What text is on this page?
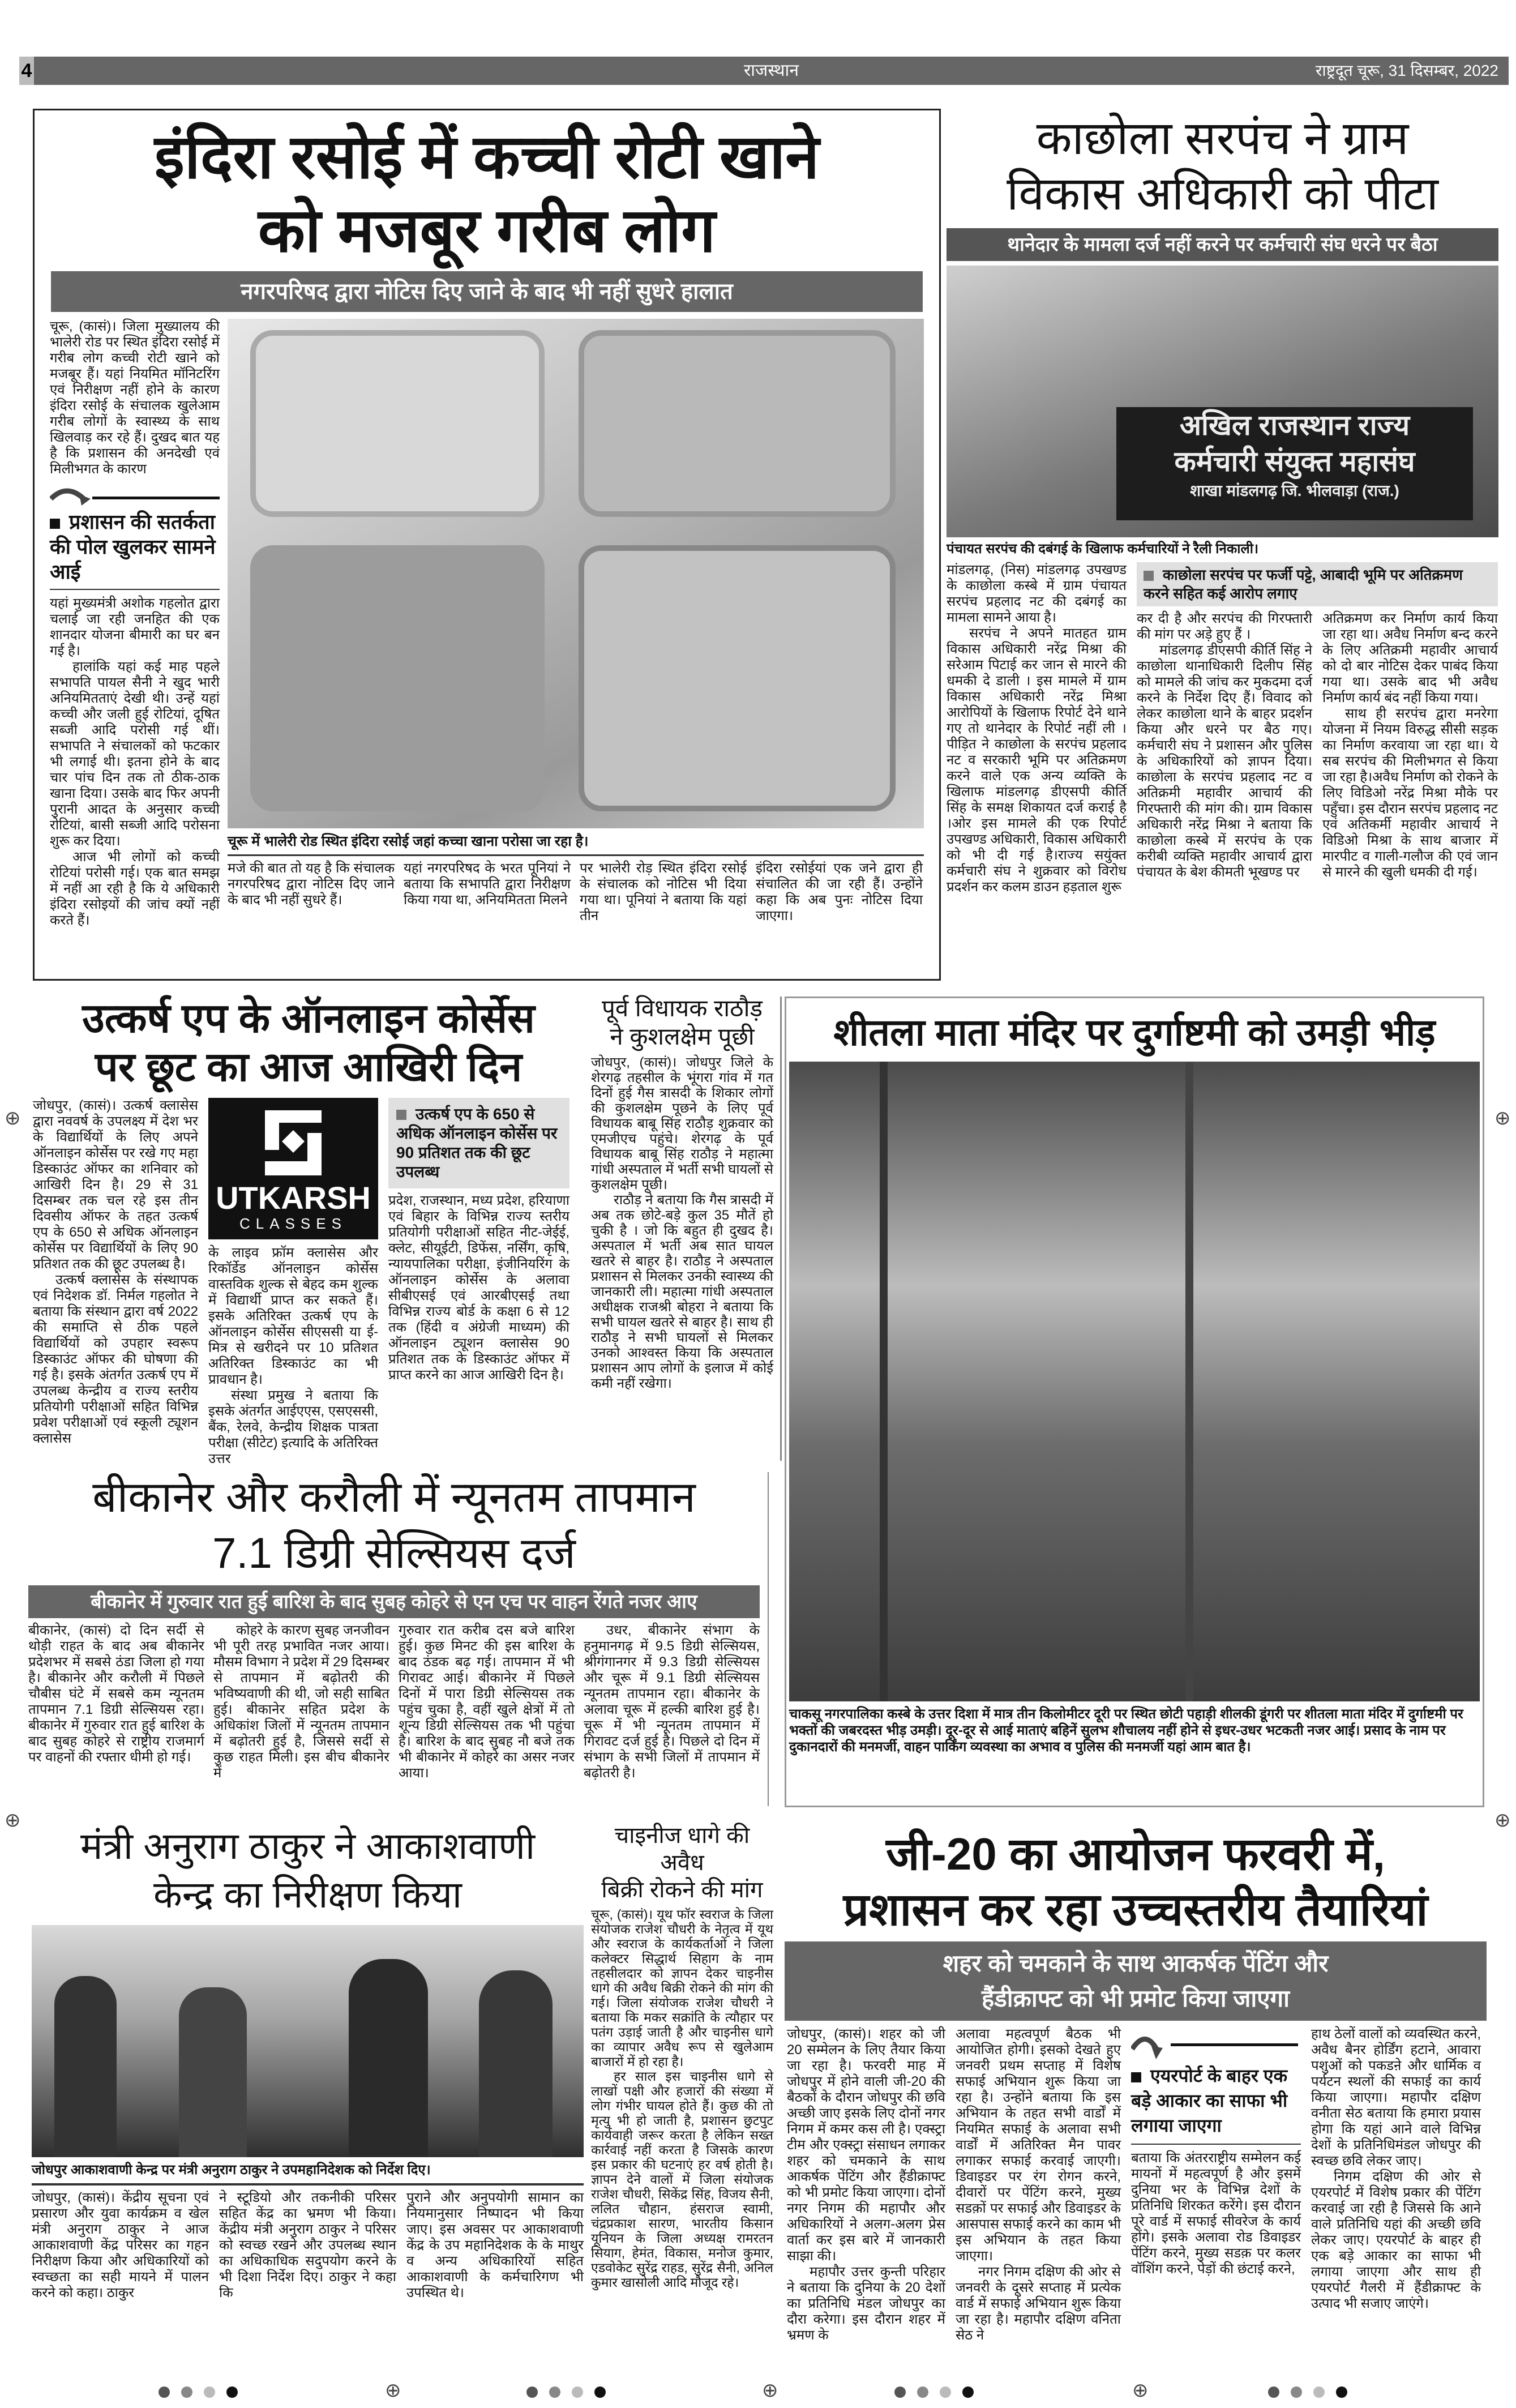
4	राजस्थान	राष्ट्रदूत चूरू, 31 दिसम्बर, 2022
इंदिरा रसोई में कच्ची रोटी खाने
को मजबूर गरीब लोग
नगरपरिषद द्वारा नोटिस दिए जाने के बाद भी नहीं सुधरे हालात

चूरू, (कासं)। जिला मुख्यालय की भालेरी रोड पर स्थित इंदिरा रसोई में गरीब लोग कच्ची रोटी खाने को मजबूर हैं। यहां नियमित मॉनिटरिंग एवं निरीक्षण नहीं होने के कारण इंदिरा रसोई के संचालक खुलेआम गरीब लोगों के स्वास्थ्य के साथ खिलवाड़ कर रहे हैं। दुखद बात यह है कि प्रशासन की अनदेखी एवं मिलीभगत के कारण

प्रशासन की सतर्कता की पोल खुलकर सामने आई

यहां मुख्यमंत्री अशोक गहलोत द्वारा चलाई जा रही जनहित की एक शानदार योजना बीमारी का घर बन गई है।

हालांकि यहां कई माह पहले सभापति पायल सैनी ने खुद भारी अनियमितताएं देखी थी। उन्हें यहां कच्ची और जली हुई रोटियां, दूषित सब्जी आदि परोसी गई थीं। सभापति ने संचालकों को फटकार भी लगाई थी। इतना होने के बाद चार पांच दिन तक तो ठीक-ठाक खाना दिया। उसके बाद फिर अपनी पुरानी आदत के अनुसार कच्ची रोटियां, बासी सब्जी आदि परोसना शुरू कर दिया।

आज भी लोगों को कच्ची रोटियां परोसी गई। एक बात समझ में नहीं आ रही है कि ये अधिकारी इंदिरा रसोइयों की जांच क्यों नहीं करते हैं।

चूरू में भालेरी रोड स्थित इंदिरा रसोई जहां कच्चा खाना परोसा जा रहा है।

मजे की बात तो यह है कि संचालक नगरपरिषद द्वारा नोटिस दिए जाने के बाद भी नहीं सुधरे हैं।

यहां नगरपरिषद के भरत पूनियां ने बताया कि सभापति द्वारा निरीक्षण किया गया था, अनियमितता मिलने

पर भालेरी रोड़ स्थित इंदिरा रसोई के संचालक को नोटिस भी दिया गया था। पूनियां ने बताया कि यहां तीन

इंदिरा रसोईयां एक जने द्वारा ही संचालित की जा रही हैं। उन्होंने कहा कि अब पुनः नोटिस दिया जाएगा।

काछोला सरपंच ने ग्राम
विकास अधिकारी को पीटा
थानेदार के मामला दर्ज नहीं करने पर कर्मचारी संघ धरने पर बैठा
अखिल राजस्थान राज्य
कर्मचारी संयुक्त महासंघ
शाखा मांडलगढ़ जि. भीलवाड़ा (राज.)
पंचायत सरपंच की दबंगई के खिलाफ कर्मचारियों ने रैली निकाली।

मांडलगढ़, (निस) मांडलगढ़ उपखण्ड के काछोला कस्बे में ग्राम पंचायत सरपंच प्रहलाद नट की दबंगई का मामला सामने आया है।

सरपंच ने अपने मातहत ग्राम विकास अधिकारी नरेंद्र मिश्रा की सरेआम पिटाई कर जान से मारने की धमकी दे डाली । इस मामले में ग्राम विकास अधिकारी नरेंद्र मिश्रा आरोपियों के खिलाफ रिपोर्ट देने थाने गए तो थानेदार के रिपोर्ट नहीं ली । पीड़ित ने काछोला के सरपंच प्रहलाद नट व सरकारी भूमि पर अतिक्रमण करने वाले एक अन्य व्यक्ति के खिलाफ मांडलगढ़ डीएसपी कीर्ति सिंह के समक्ष शिकायत दर्ज कराई है ।ओर इस मामले की एक रिपोर्ट उपखण्ड अधिकारी, विकास अधिकारी को भी दी गई है।राज्य सयुंक्त कर्मचारी संघ ने शुक्रवार को विरोध प्रदर्शन कर कलम डाउन हड़ताल शुरू

काछोला सरपंच पर फर्जी पट्टे, आबादी भूमि पर अतिक्रमण करने सहित कई आरोप लगाए

कर दी है और सरपंच की गिरफ्तारी की मांग पर अड़े हुए हैं ।

मांडलगढ़ डीएसपी कीर्ति सिंह ने काछोला थानाधिकारी दिलीप सिंह को मामले की जांच कर मुकदमा दर्ज करने के निर्देश दिए हैं। विवाद को लेकर काछोला थाने के बाहर प्रदर्शन किया और धरने पर बैठ गए। कर्मचारी संघ ने प्रशासन और पुलिस के अधिकारियों को ज्ञापन दिया। काछोला के सरपंच प्रहलाद नट व अतिक्रमी महावीर आचार्य की गिरफ्तारी की मांग की। ग्राम विकास अधिकारी नरेंद्र मिश्रा ने बताया कि काछोला कस्बे में सरपंच के एक करीबी व्यक्ति महावीर आचार्य द्वारा पंचायत के बेश कीमती भूखण्ड पर

अतिक्रमण कर निर्माण कार्य किया जा रहा था। अवैध निर्माण बन्द करने के लिए अतिक्रमी महावीर आचार्य को दो बार नोटिस देकर पाबंद किया गया था। उसके बाद भी अवैध निर्माण कार्य बंद नहीं किया गया।

साथ ही सरपंच द्वारा मनरेगा योजना में नियम विरुद्ध सीसी सड़क का निर्माण करवाया जा रहा था। ये सब सरपंच की मिलीभगत से किया जा रहा है।अवैध निर्माण को रोकने के लिए विडिओ नरेंद्र मिश्रा मौके पर पहुँचा। इस दौरान सरपंच प्रहलाद नट एवं अतिकर्मी महावीर आचार्य ने विडिओ मिश्रा के साथ बाजार में मारपीट व गाली-गलौज की एवं जान से मारने की खुली धमकी दी गई।

उत्कर्ष एप के ऑनलाइन कोर्सेस
पर छूट का आज आखिरी दिन

जोधपुर, (कासं)। उत्कर्ष क्लासेस द्वारा नववर्ष के उपलक्ष्य में देश भर के विद्यार्थियों के लिए अपने ऑनलाइन कोर्सेस पर रखे गए महा डिस्काउंट ऑफर का शनिवार को आखिरी दिन है। 29 से 31 दिसम्बर तक चल रहे इस तीन दिवसीय ऑफर के तहत उत्कर्ष एप के 650 से अधिक ऑनलाइन कोर्सेस पर विद्यार्थियों के लिए 90 प्रतिशत तक की छूट उपलब्ध है।

उत्कर्ष क्लासेस के संस्थापक एवं निदेशक डॉ. निर्मल गहलोत ने बताया कि संस्थान द्वारा वर्ष 2022 की समाप्ति से ठीक पहले विद्यार्थियों को उपहार स्वरूप डिस्काउंट ऑफर की घोषणा की गई है। इसके अंतर्गत उत्कर्ष एप में उपलब्ध केन्द्रीय व राज्य स्तरीय प्रतियोगी परीक्षाओं सहित विभिन्न प्रवेश परीक्षाओं एवं स्कूली ट्यूशन क्लासेस

UTKARSH
CLASSES

के लाइव फ्रॉम क्लासेस और रिकॉर्डेड ऑनलाइन कोर्सेस वास्तविक शुल्क से बेहद कम शुल्क में विद्यार्थी प्राप्त कर सकते हैं। इसके अतिरिक्त उत्कर्ष एप के ऑनलाइन कोर्सेस सीएससी या ई-मित्र से खरीदने पर 10 प्रतिशत अतिरिक्त डिस्काउंट का भी प्रावधान है।

संस्था प्रमुख ने बताया कि इसके अंतर्गत आईएएस, एसएससी, बैंक, रेलवे, केन्द्रीय शिक्षक पात्रता परीक्षा (सीटेट) इत्यादि के अतिरिक्त उत्तर

उत्कर्ष एप के 650 से अधिक ऑनलाइन कोर्सेस पर 90 प्रतिशत तक की छूट उपलब्ध

प्रदेश, राजस्थान, मध्य प्रदेश, हरियाणा एवं बिहार के विभिन्न राज्य स्तरीय प्रतियोगी परीक्षाओं सहित नीट-जेईई, क्लेट, सीयूईटी, डिफेंस, नर्सिंग, कृषि, न्यायपालिका परीक्षा, इंजीनियरिंग के ऑनलाइन कोर्सेस के अलावा सीबीएसई एवं आरबीएसई तथा विभिन्न राज्य बोर्ड के कक्षा 6 से 12 तक (हिंदी व अंग्रेजी माध्यम) की ऑनलाइन ट्यूशन क्लासेस 90 प्रतिशत तक के डिस्काउंट ऑफर में प्राप्त करने का आज आखिरी दिन है।

पूर्व विधायक राठौड़
ने कुशलक्षेम पूछी

जोधपुर, (कासं)। जोधपुर जिले के शेरगढ़ तहसील के भूंगरा गांव में गत दिनों हुई गैस त्रासदी के शिकार लोगों की कुशलक्षेम पूछने के लिए पूर्व विधायक बाबू सिंह राठौड़ शुक्रवार को एमजीएच पहुंचे। शेरगढ़ के पूर्व विधायक बाबू सिंह राठौड़ ने महात्मा गांधी अस्पताल में भर्ती सभी घायलों से कुशलक्षेम पूछी।

राठौड़ ने बताया कि गैस त्रासदी में अब तक छोटे-बड़े कुल 35 मौतें हो चुकी है । जो कि बहुत ही दुखद है। अस्पताल में भर्ती अब सात घायल खतरे से बाहर है। राठौड़ ने अस्पताल प्रशासन से मिलकर उनकी स्वास्थ्य की जानकारी ली। महात्मा गांधी अस्पताल अधीक्षक राजश्री बोहरा ने बताया कि सभी घायल खतरे से बाहर है। साथ ही राठौड़ ने सभी घायलों से मिलकर उनको आश्वस्त किया कि अस्पताल प्रशासन आप लोगों के इलाज में कोई कमी नहीं रखेगा।

शीतला माता मंदिर पर दुर्गाष्टमी को उमड़ी भीड़
चाकसू नगरपालिका कस्बे के उत्तर दिशा में मात्र तीन किलोमीटर दूरी पर स्थित छोटी पहाड़ी शीलकी डूंगरी पर शीतला माता मंदिर में दुर्गाष्टमी पर भक्तों की जबरदस्त भीड़ उमड़ी। दूर-दूर से आई माताएं बहिनें सुलभ शौचालय नहीं होने से इधर-उधर भटकती नजर आई। प्रसाद के नाम पर दुकानदारों की मनमर्जी, वाहन पार्किंग व्यवस्था का अभाव व पुलिस की मनमर्जी यहां आम बात है।
बीकानेर और करौली में न्यूनतम तापमान
7.1 डिग्री सेल्सियस दर्ज
बीकानेर में गुरुवार रात हुई बारिश के बाद सुबह कोहरे से एन एच पर वाहन रेंगते नजर आए

बीकानेर, (कासं) दो दिन सर्दी से थोड़ी राहत के बाद अब बीकानेर प्रदेशभर में सबसे ठंडा जिला हो गया है। बीकानेर और करौली में पिछले चौबीस घंटे में सबसे कम न्यूनतम तापमान 7.1 डिग्री सेल्सियस रहा। बीकानेर में गुरुवार रात हुई बारिश के बाद सुबह कोहरे से राष्ट्रीय राजमार्ग पर वाहनों की रफ्तार धीमी हो गई।

कोहरे के कारण सुबह जनजीवन भी पूरी तरह प्रभावित नजर आया। मौसम विभाग ने प्रदेश में 29 दिसम्बर से तापमान में बढ़ोतरी की भविष्यवाणी की थी, जो सही साबित हुई। बीकानेर सहित प्रदेश के अधिकांश जिलों में न्यूनतम तापमान में बढ़ोतरी हुई है, जिससे सर्दी से कुछ राहत मिली। इस बीच बीकानेर में

गुरुवार रात करीब दस बजे बारिश हुई। कुछ मिनट की इस बारिश के बाद ठंडक बढ़ गई। तापमान में भी गिरावट आई। बीकानेर में पिछले दिनों में पारा डिग्री सेल्सियस तक पहुंच चुका है, वहीं खुले क्षेत्रों में तो शून्य डिग्री सेल्सियस तक भी पहुंचा है। बारिश के बाद सुबह नौ बजे तक भी बीकानेर में कोहरे का असर नजर आया।

उधर, बीकानेर संभाग के हनुमानगढ़ में 9.5 डिग्री सेल्सियस, श्रीगंगानगर में 9.3 डिग्री सेल्सियस और चूरू में 9.1 डिग्री सेल्सियस न्यूनतम तापमान रहा। बीकानेर के अलावा चूरू में हल्की बारिश हुई है। चूरू में भी न्यूनतम तापमान में गिरावट दर्ज हुई है। पिछले दो दिन में संभाग के सभी जिलों में तापमान में बढ़ोतरी है।

मंत्री अनुराग ठाकुर ने आकाशवाणी
केन्द्र का निरीक्षण किया
जोधपुर आकाशवाणी केन्द्र पर मंत्री अनुराग ठाकुर ने उपमहानिदेशक को निर्देश दिए।

जोधपुर, (कासं)। केंद्रीय सूचना एवं प्रसारण और युवा कार्यक्रम व खेल मंत्री अनुराग ठाकुर ने आज आकाशवाणी केंद्र परिसर का गहन निरीक्षण किया और अधिकारियों को स्वच्छता का सही मायने में पालन करने को कहा। ठाकुर

ने स्टूडियो और तकनीकी परिसर सहित केंद्र का भ्रमण भी किया। केंद्रीय मंत्री अनुराग ठाकुर ने परिसर को स्वच्छ रखने और उपलब्ध स्थान का अधिकाधिक सदुपयोग करने के भी दिशा निर्देश दिए। ठाकुर ने कहा कि

पुराने और अनुपयोगी सामान का नियमानुसार निष्पादन भी किया जाए। इस अवसर पर आकाशवाणी केंद्र के उप महानिदेशक के के माथुर व अन्य अधिकारियों सहित आकाशवाणी के कर्मचारिगण भी उपस्थित थे।

चाइनीज धागे की अवैध
बिक्री रोकने की मांग

चूरू, (कासं)। यूथ फॉर स्वराज के जिला संयोजक राजेश चौधरी के नेतृत्व में यूथ और स्वराज के कार्यकर्ताओं ने जिला कलेक्टर सिद्धार्थ सिहाग के नाम तहसीलदार को ज्ञापन देकर चाइनीस धागे की अवैध बिक्री रोकने की मांग की गई। जिला संयोजक राजेश चौधरी ने बताया कि मकर सक्रांति के त्यौहार पर पतंग उड़ाई जाती है और चाइनीस धागे का व्यापार अवैध रूप से खुलेआम बाजारों में हो रहा है।

हर साल इस चाइनीस धागे से लाखों पक्षी और हजारों की संख्या में लोग गंभीर घायल होते हैं। कुछ की तो मृत्यु भी हो जाती है, प्रशासन छुटपुट कार्यवाही जरूर करता है लेकिन सख्त कार्रवाई नहीं करता है जिसके कारण इस प्रकार की घटनाएं हर वर्ष होती है। ज्ञापन देने वालों में जिला संयोजक राजेश चौधरी, सिकेंद्र सिंह, विजय सैनी, ललित चौहान, हंसराज स्वामी, चंद्रप्रकाश सारण, भारतीय किसान यूनियन के जिला अध्यक्ष रामरतन सियाग, हेमंत, विकास, मनोज कुमार, एडवोकेट सुरेंद्र राहड, सुरेंद्र सैनी, अनिल कुमार खासोली आदि मौजूद रहे।

जी-20 का आयोजन फरवरी में,
प्रशासन कर रहा उच्चस्तरीय तैयारियां
शहर को चमकाने के साथ आकर्षक पेंटिंग और
हैंडीक्राफ्ट को भी प्रमोट किया जाएगा

जोधपुर, (कासं)। शहर को जी 20 सम्मेलन के लिए तैयार किया जा रहा है। फरवरी माह में जोधपुर में होने वाली जी-20 की बैठकों के दौरान जोधपुर की छवि अच्छी जाए इसके लिए दोनों नगर निगम में कमर कस ली है। एक्स्ट्रा टीम और एक्स्ट्रा संसाधन लगाकर शहर को चमकाने के साथ आकर्षक पेंटिंग और हैंडीक्राफ्ट को भी प्रमोट किया जाएगा। दोनों नगर निगम की महापौर और अधिकारियों ने अलग-अलग प्रेस वार्ता कर इस बारे में जानकारी साझा की।

महापौर उत्तर कुन्ती परिहार ने बताया कि दुनिया के 20 देशों का प्रतिनिधि मंडल जोधपुर का दौरा करेगा। इस दौरान शहर में भ्रमण के

अलावा महत्वपूर्ण बैठक भी आयोजित होगी। इसको देखते हुए जनवरी प्रथम सप्ताह में विशेष सफाई अभियान शुरू किया जा रहा है। उन्होंने बताया कि इस अभियान के तहत सभी वार्डों में नियमित सफाई के अलावा सभी वार्डों में अतिरिक्त मैन पावर लगाकर सफाई करवाई जाएगी। डिवाइडर पर रंग रोगन करने, दीवारों पर पेंटिंग करने, मुख्य सडक़ों पर सफाई और डिवाइडर के आसपास सफाई करने का काम भी इस अभियान के तहत किया जाएगा।

नगर निगम दक्षिण की ओर से जनवरी के दूसरे सप्ताह में प्रत्येक वार्ड में सफाई अभियान शुरू किया जा रहा है। महापौर दक्षिण वनिता सेठ ने

एयरपोर्ट के बाहर एक बड़े आकार का साफा भी लगाया जाएगा

बताया कि अंतरराष्ट्रीय सम्मेलन कई मायनों में महत्वपूर्ण है और इसमें दुनिया भर के विभिन्न देशों के प्रतिनिधि शिरकत करेंगे। इस दौरान पूरे वार्ड में सफाई सीवरेज के कार्य होंगे। इसके अलावा रोड डिवाइडर पेंटिंग करने, मुख्य सडक़ पर कलर वॉशिंग करने, पेड़ों की छंटाई करने,

हाथ ठेलों वालों को व्यवस्थित करने, अवैध बैनर होर्डिंग हटाने, आवारा पशुओं को पकडऩे और धार्मिक व पर्यटन स्थलों की सफाई का कार्य किया जाएगा। महापौर दक्षिण वनीता सेठ बताया कि हमारा प्रयास होगा कि यहां आने वाले विभिन्न देशों के प्रतिनिधिमंडल जोधपुर की स्वच्छ छवि लेकर जाए।

निगम दक्षिण की ओर से एयरपोर्ट में विशेष प्रकार की पेंटिंग करवाई जा रही है जिससे कि आने वाले प्रतिनिधि यहां की अच्छी छवि लेकर जाए। एयरपोर्ट के बाहर ही एक बड़े आकार का साफा भी लगाया जाएगा और साथ ही एयरपोर्ट गैलरी में हैंडीक्राफ्ट के उत्पाद भी सजाए जाएंगे।

⊕	⊕	⊕
⊕	⊕
⊕	⊕
